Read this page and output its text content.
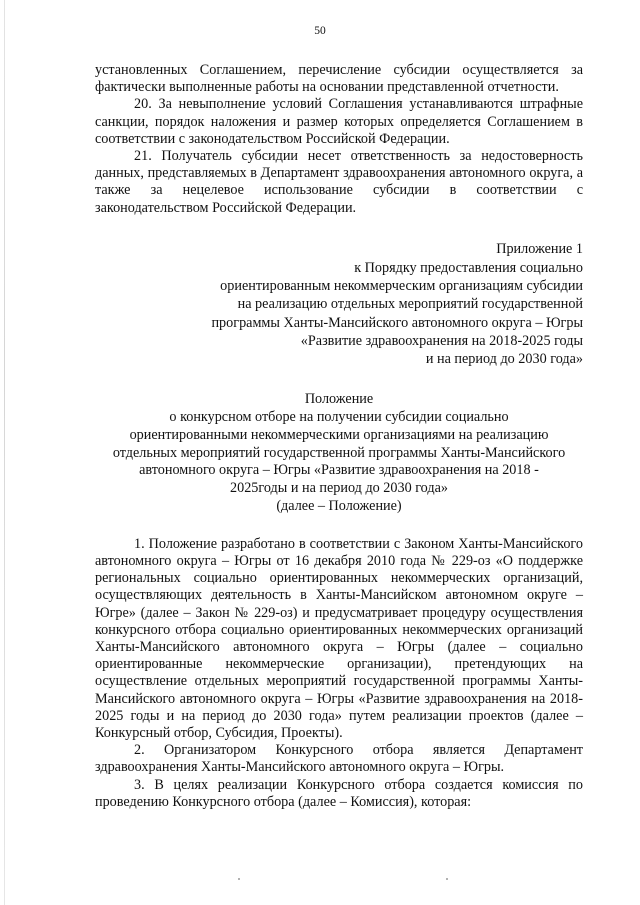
50

установленных Соглашением, перечисление субсидии осуществляется за фактически выполненные работы на основании представленной отчетности.

20. За невыполнение условий Соглашения устанавливаются штрафные санкции, порядок наложения и размер которых определяется Соглашением в соответствии с законодательством Российской Федерации.

21. Получатель субсидии несет ответственность за недостоверность данных, представляемых в Департамент здравоохранения автономного округа, а также за нецелевое использование субсидии в соответствии с законодательством Российской Федерации.

Приложение 1

к Порядку предоставления социально

ориентированным некоммерческим организациям субсидии

на реализацию отдельных мероприятий государственной

программы Ханты-Мансийского автономного округа – Югры

«Развитие здравоохранения на 2018-2025 годы

и на период до 2030 года»

Положение

о конкурсном отборе на получении субсидии социально

ориентированными некоммерческими организациями на реализацию

отдельных мероприятий государственной программы Ханты-Мансийского

автономного округа – Югры «Развитие здравоохранения на 2018 -

2025годы и на период до 2030 года»

(далее – Положение)

1. Положение разработано в соответствии с Законом Ханты-Мансийского автономного округа – Югры от 16 декабря 2010 года № 229-оз «О поддержке региональных социально ориентированных некоммерческих организаций, осуществляющих деятельность в Ханты-Мансийском автономном округе – Югре» (далее – Закон № 229-оз) и предусматривает процедуру осуществления конкурсного отбора социально ориентированных некоммерческих организаций Ханты-Мансийского автономного округа – Югры (далее – социально ориентированные некоммерческие организации), претендующих на осуществление отдельных мероприятий государственной программы Ханты-Мансийского автономного округа – Югры «Развитие здравоохранения на 2018-2025 годы и на период до 2030 года» путем реализации проектов (далее – Конкурсный отбор, Субсидия, Проекты).

2. Организатором Конкурсного отбора является Департамент здравоохранения Ханты-Мансийского автономного округа – Югры.

3. В целях реализации Конкурсного отбора создается комиссия по проведению Конкурсного отбора (далее – Комиссия), которая:
